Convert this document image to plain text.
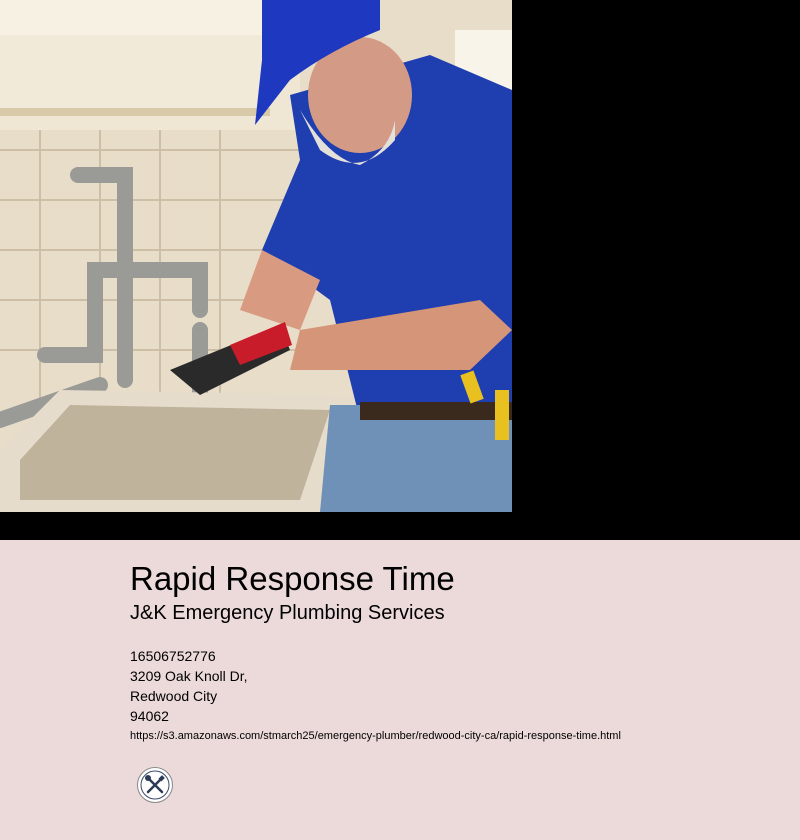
Rapid Response Time
J&K Emergency Plumbing Services
16506752776
3209 Oak Knoll Dr,
Redwood City
94062
https://s3.amazonaws.com/stmarch25/emergency-plumber/redwood-city-ca/rapid-response-time.html
